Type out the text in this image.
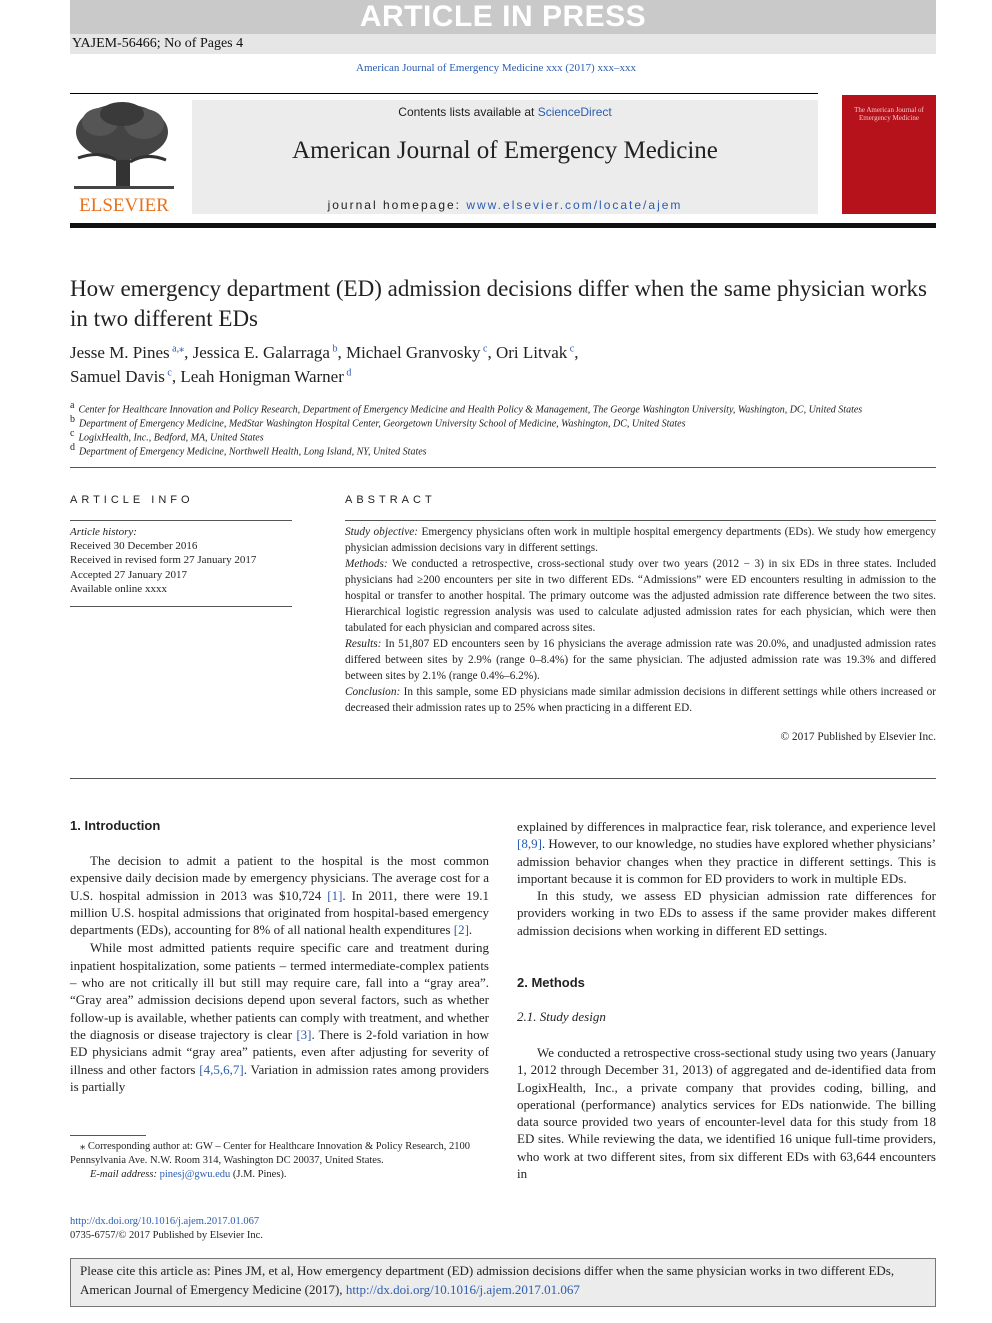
ARTICLE IN PRESS
YAJEM-56466; No of Pages 4
American Journal of Emergency Medicine xxx (2017) xxx–xxx
ELSEVIER
Contents lists available at ScienceDirect
American Journal of Emergency Medicine
journal homepage: www.elsevier.com/locate/ajem
The American Journal of Emergency Medicine
How emergency department (ED) admission decisions differ when the same physician works in two different EDs
Jesse M. Pines $^{a,⁎}$, Jessica E. Galarraga $^b$, Michael Granvosky $^c$, Ori Litvak $^c$,
Samuel Davis $^c$, Leah Honigman Warner $^d$
$^a$ Center for Healthcare Innovation and Policy Research, Department of Emergency Medicine and Health Policy & Management, The George Washington University, Washington, DC, United States
$^b$ Department of Emergency Medicine, MedStar Washington Hospital Center, Georgetown University School of Medicine, Washington, DC, United States
$^c$ LogixHealth, Inc., Bedford, MA, United States
$^d$ Department of Emergency Medicine, Northwell Health, Long Island, NY, United States
ARTICLE INFO
Article history:
Received 30 December 2016
Received in revised form 27 January 2017
Accepted 27 January 2017
Available online xxxx
ABSTRACT

Study objective: Emergency physicians often work in multiple hospital emergency departments (EDs). We study how emergency physician admission decisions vary in different settings.

Methods: We conducted a retrospective, cross-sectional study over two years (2012 − 3) in six EDs in three states. Included physicians had ≥200 encounters per site in two different EDs. “Admissions” were ED encounters resulting in admission to the hospital or transfer to another hospital. The primary outcome was the adjusted admission rate difference between the two sites. Hierarchical logistic regression analysis was used to calculate adjusted admission rates for each physician, which were then tabulated for each physician and compared across sites.

Results: In 51,807 ED encounters seen by 16 physicians the average admission rate was 20.0%, and unadjusted admission rates differed between sites by 2.9% (range 0–8.4%) for the same physician. The adjusted admission rate was 19.3% and differed between sites by 2.1% (range 0.4%–6.2%).

Conclusion: In this sample, some ED physicians made similar admission decisions in different settings while others increased or decreased their admission rates up to 25% when practicing in a different ED.

© 2017 Published by Elsevier Inc.
1. Introduction

The decision to admit a patient to the hospital is the most common expensive daily decision made by emergency physicians. The average cost for a U.S. hospital admission in 2013 was $10,724 [1]. In 2011, there were 19.1 million U.S. hospital admissions that originated from hospital-based emergency departments (EDs), accounting for 8% of all national health expenditures [2].

While most admitted patients require specific care and treatment during inpatient hospitalization, some patients – termed intermediate-complex patients – who are not critically ill but still may require care, fall into a “gray area”. “Gray area” admission decisions depend upon several factors, such as whether follow-up is available, whether patients can comply with treatment, and whether the diagnosis or disease trajectory is clear [3]. There is 2-fold variation in how ED physicians admit “gray area” patients, even after adjusting for severity of illness and other factors [4,5,6,7]. Variation in admission rates among providers is partially

explained by differences in malpractice fear, risk tolerance, and experience level [8,9]. However, to our knowledge, no studies have explored whether physicians’ admission behavior changes when they practice in different settings. This is important because it is common for ED providers to work in multiple EDs.

In this study, we assess ED physician admission rate differences for providers working in two EDs to assess if the same provider makes different admission decisions when working in different ED settings.

2. Methods
2.1. Study design

We conducted a retrospective cross-sectional study using two years (January 1, 2012 through December 31, 2013) of aggregated and de-identified data from LogixHealth, Inc., a private company that provides coding, billing, and operational (performance) analytics services for EDs nationwide. The billing data source provided two years of encounter-level data for this study from 18 ED sites. While reviewing the data, we identified 16 unique full-time providers, who work at two different sites, from six different EDs with 63,644 encounters in

⁎ Corresponding author at: GW – Center for Healthcare Innovation & Policy Research, 2100 Pennsylvania Ave. N.W. Room 314, Washington DC 20037, United States.
E-mail address: pinesj@gwu.edu (J.M. Pines).
http://dx.doi.org/10.1016/j.ajem.2017.01.067
0735-6757/© 2017 Published by Elsevier Inc.
Please cite this article as: Pines JM, et al, How emergency department (ED) admission decisions differ when the same physician works in two different EDs, American Journal of Emergency Medicine (2017), http://dx.doi.org/10.1016/j.ajem.2017.01.067
